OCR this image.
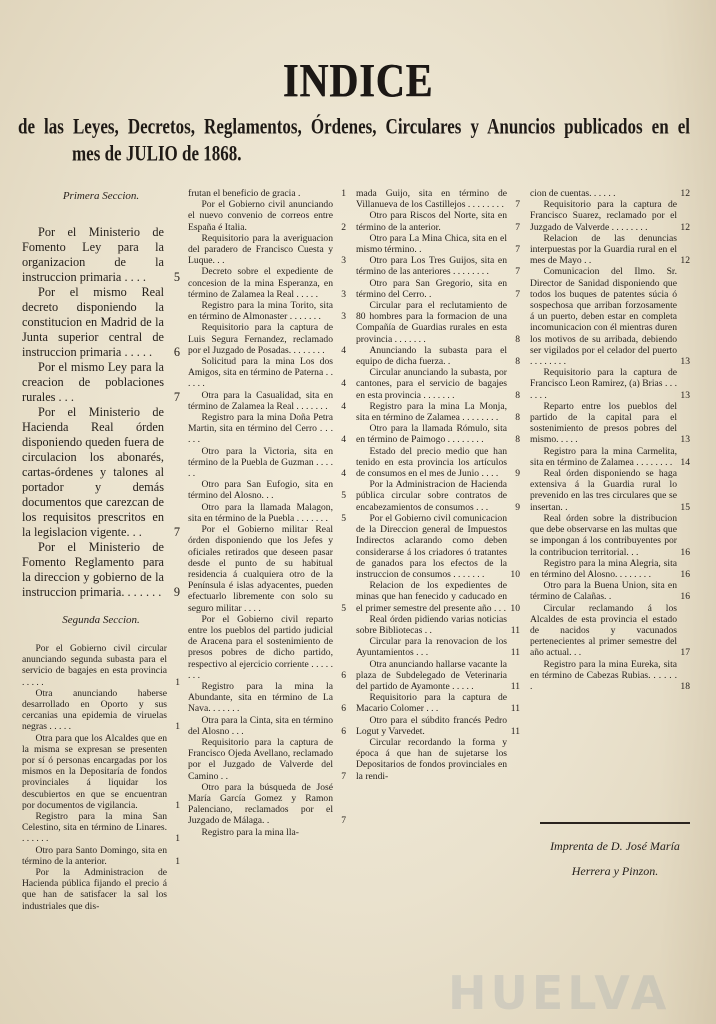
INDICE
de las Leyes, Decretos, Reglamentos, Órdenes, Circulares y Anuncios publicados en el
mes de JULIO de 1868.
Primera Seccion.
Por el Ministerio de Fomento Ley para la organizacion de la instruccion primaria . . . . 5
Por el mismo Real decreto disponiendo la constitucion en Madrid de la Junta superior central de instruccion primaria . . . . . 6
Por el mismo Ley para la creacion de poblaciones rurales . . .	7
Por el Ministerio de Hacienda Real órden disponiendo queden fuera de circulacion los abonarés, cartas-órdenes y talones al portador y demás documentos que carezcan de los requisitos prescritos en la legislacion vigente. . .	7
Por el Ministerio de Fomento Reglamento para la direccion y gobierno de la instruccion primaria. . . . . . . 9
Segunda Seccion.
Por el Gobierno civil circular anunciando segunda subasta para el servicio de bagajes en esta provincia . . . . .	1
Otra anunciando haberse desarrollado en Oporto y sus cercanias una epidemia de viruelas negras . . . . .	1
Otra para que los Alcaldes que en la misma se expresan se presenten por sí ó personas encargadas por los mismos en la Depositaría de fondos provinciales á liquidar los descubiertos en que se encuentran por documentos de vigilancia.	1
Registro para la mina San Celestino, sita en término de Linares. . . . . . .	1
Otro para Santo Domingo, sita en término de la anterior.	1
Por la Administracion de Hacienda pública fijando el precio á que han de satisfacer la sal los industriales que dis-
frutan el beneficio de gracia .	1
Por el Gobierno civil anunciando el nuevo convenio de correos entre España é Italia.	2
Requisitorio para la averiguacion del paradero de Francisco Cuesta y Luque. . .	3
Decreto sobre el expediente de concesion de la mina Esperanza, en término de Zalamea la Real . . . . . 3
Registro para la mina Torito, sita en término de Almonaster . . . . . . . 3
Requisitorio para la captura de Luis Segura Fernandez, reclamado por el Juzgado de Posadas. . . . . . . . 4
Solicitud para la mina Los dos Amigos, sita en término de Paterna . . . . . .	4
Otra para la Casualidad, sita en término de Zalamea la Real . . . . . . . 4
Registro para la mina Doña Petra Martin, sita en término del Cerro . . . . . .	4
Otro para la Victoria, sita en término de la Puebla de Guzman . . . . . .	4
Otro para San Eufogio, sita en término del Alosno. . .	5
Otro para la llamada Malagon, sita en término de la Puebla . . . . . . . 5
Por el Gobierno militar Real órden disponiendo que los Jefes y oficiales retirados que deseen pasar desde el punto de su habitual residencia á cualquiera otro de la Península é islas adyacentes, pueden efectuarlo libremente con solo su seguro militar . . . .	5
Por el Gobierno civil reparto entre los pueblos del partido judicial de Aracena para el sostenimiento de presos pobres de dicho partido, respectivo al ejercicio corriente . . . . . . . .	6
Registro para la mina la Abundante, sita en término de La Nava. . . . . . .	6
Otra para la Cinta, sita en término del Alosno . . .	6
Requisitorio para la captura de Francisco Ojeda Avellano, reclamado por el Juzgado de Valverde del Camino . .	7
Otro para la búsqueda de José María García Gomez y Ramon Palenciano, reclamados por el Juzgado de Málaga. .	7
Registro para la mina lla-
mada Guijo, sita en término de Villanueva de los Castillejos . . . . . . . . 7
Otro para Riscos del Norte, sita en término de la anterior.	7
Otro para La Mina Chica, sita en el mismo término. .	7
Otro para Los Tres Guijos, sita en término de las anteriores . . . . . . . .	7
Otro para San Gregorio, sita en término del Cerro. .	7
Circular para el reclutamiento de 80 hombres para la formacion de una Compañía de Guardias rurales en esta provincia . . . . . . .	8
Anunciando la subasta para el equipo de dicha fuerza. .	8
Circular anunciando la subasta, por cantones, para el servicio de bagajes en esta provincia . . . . . . .	8
Registro para la mina La Monja, sita en término de Zalamea . . . . . . . . 8
Otro para la llamada Rómulo, sita en término de Paimogo . . . . . . . .	8
Estado del precio medio que han tenido en esta provincia los artículos de consumos en el mes de Junio . . . . 9
Por la Administracion de Hacienda pública circular sobre contratos de encabezamientos de consumos . . .	9
Por el Gobierno civil comunicacion de la Direccion general de Impuestos Indirectos aclarando como deben considerarse á los criadores ó tratantes de ganados para los efectos de la instruccion de consumos . . . . . . .	10
Relacion de los expedientes de minas que han fenecido y caducado en el primer semestre del presente año . . . 10
Real órden pidiendo varias noticias sobre Bibliotecas . .	11
Circular para la renovacion de los Ayuntamientos . . .	11
Otra anunciando hallarse vacante la plaza de Subdelegado de Veterinaria del partido de Ayamonte . . . . .	11
Requisitorio para la captura de Macario Colomer . . .	11
Otro para el súbdito francés Pedro Logut y Varvedet.	11
Circular recordando la forma y época á que han de sujetarse los Depositarios de fondos provinciales en la rendi-
cion de cuentas. . . . . .	12
Requisitorio para la captura de Francisco Suarez, reclamado por el Juzgado de Valverde . . . . . . . .	12
Relacion de las denuncias interpuestas por la Guardia rural en el mes de Mayo . .	12
Comunicacion del Ilmo. Sr. Director de Sanidad disponiendo que todos los buques de patentes súcia ó sospechosa que arriban forzosamente á un puerto, deben estar en completa incomunicacion con él mientras duren los motivos de su arribada, debiendo ser vigilados por el celador del puerto . . . . . . . .	13
Requisitorio para la captura de Francisco Leon Ramirez, (a) Brias . . . . . . .	13
Reparto entre los pueblos del partido de la capital para el sostenimiento de presos pobres del mismo. . . . .	13
Registro para la mina Carmelita, sita en término de Zalamea . . . . . . . . 14
Real órden disponiendo se haga extensiva á la Guardia rural lo prevenido en las tres circulares que se insertan. .	15
Real órden sobre la distribucion que debe observarse en las multas que se impongan á los contribuyentes por la contribucion territorial. . .	16
Registro para la mina Alegria, sita en término del Alosno. . . . . . . .	16
Otro para la Buena Union, sita en término de Calañas. .	16
Circular reclamando á los Alcaldes de esta provincia el estado de nacidos y vacunados pertenecientes al primer semestre del año actual. . .	17
Registro para la mina Eureka, sita en término de Cabezas Rubias. . . . . . .	18
Imprenta de D. José María
Herrera y Pinzon.
HUELVA
